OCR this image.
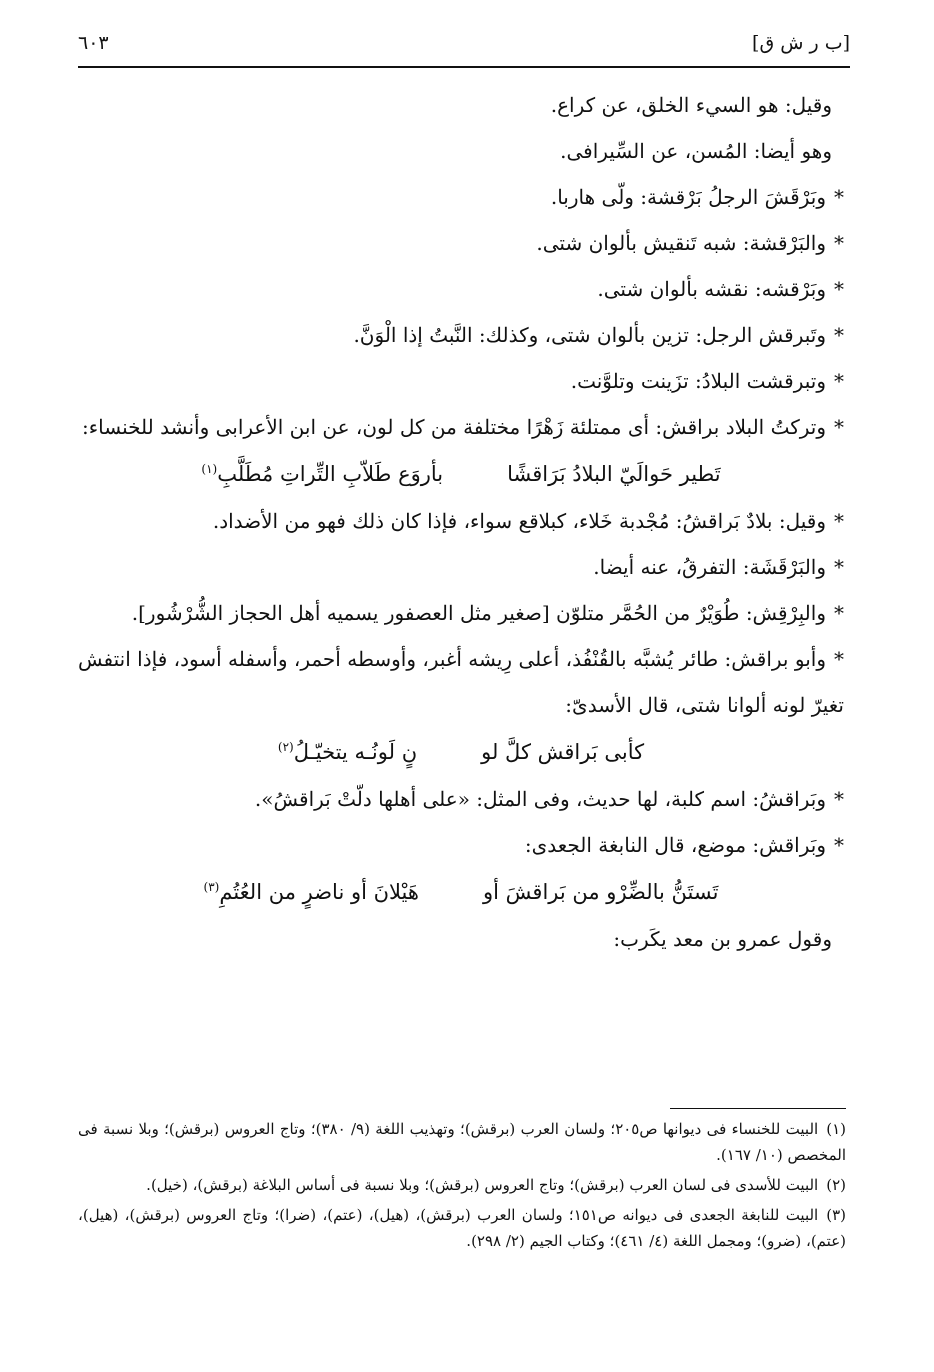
[ب ر ش ق]
٦٠٣

وقيل: هو السيء الخلق، عن كراع.

وهو أيضا: المُسن، عن السِّيرافى.

*وبَرْقَشَ الرجلُ بَرْقشة: ولّى هاربا.

*والبَرْقشة: شبه تَنقيش بألوان شتى.

*وبَرْقشه: نقشه بألوان شتى.

*وتَبرقش الرجل: تزين بألوان شتى، وكذلك: النَّبتُ إذا الْوَنَّ.

*وتبرقشت البلادُ: تزَينت وتلوَّنت.

*وتركتُ البلاد براقش: أى ممتلئة زَهْرًا مختلفة من كل لون، عن ابن الأعرابى وأنشد للخنساء:

تَطير حَوالَيّ البلادُ بَرَاقشًا
بأروَع طَلاّبِ التِّراتِ مُطَلَّبِ$^{(١)}$

*وقيل: بلادٌ بَراقشُ: مُجْدبة خَلاء، كبلاقع سواء، فإذا كان ذلك فهو من الأضداد.

*والبَرْقَشَة: التفرقُ، عنه أيضا.

*والبِرْقِش: طُوَيْرٌ من الحُمَّر متلوّن [صغير مثل العصفور يسميه أهل الحجاز الشُّرْشُور].

*وأبو براقش: طائر يُشبَّه بالقُنْفُذ، أعلى رِيشه أغبر، وأوسطه أحمر، وأسفله أسود، فإذا انتفش تغيرّ لونه ألوانا شتى، قال الأسدىّ:

كأبى بَراقش كلَّ لو
نٍ لَونُـه يتخيّـلُ$^{(٢)}$

*وبَراقشُ: اسم كلبة، لها حديث، وفى المثل: «على أهلها دلّتْ بَراقشُ».

*وبَراقش: موضع، قال النابغة الجعدى:

تَستَنُّ بالضِّرْو من بَراقشَ أو
هَيْلانَ أو ناضرٍ من العُتُمِ$^{(٣)}$

وقول عمرو بن معد يكَرب:

(١)البيت للخنساء فى ديوانها ص٢٠٥؛ ولسان العرب (برقش)؛ وتهذيب اللغة (٩/ ٣٨٠)؛ وتاج العروس (برقش)؛ وبلا نسبة فى المخصص (١٠/ ١٦٧).

(٢)البيت للأسدى فى لسان العرب (برقش)؛ وتاج العروس (برقش)؛ وبلا نسبة فى أساس البلاغة (برقش)، (خيل).

(٣)البيت للنابغة الجعدى فى ديوانه ص١٥١؛ ولسان العرب (برقش)، (هيل)، (عتم)، (ضرا)؛ وتاج العروس (برقش)، (هيل)، (عتم)، (ضرو)؛ ومجمل اللغة (٤/ ٤٦١)؛ وكتاب الجيم (٢/ ٢٩٨).
